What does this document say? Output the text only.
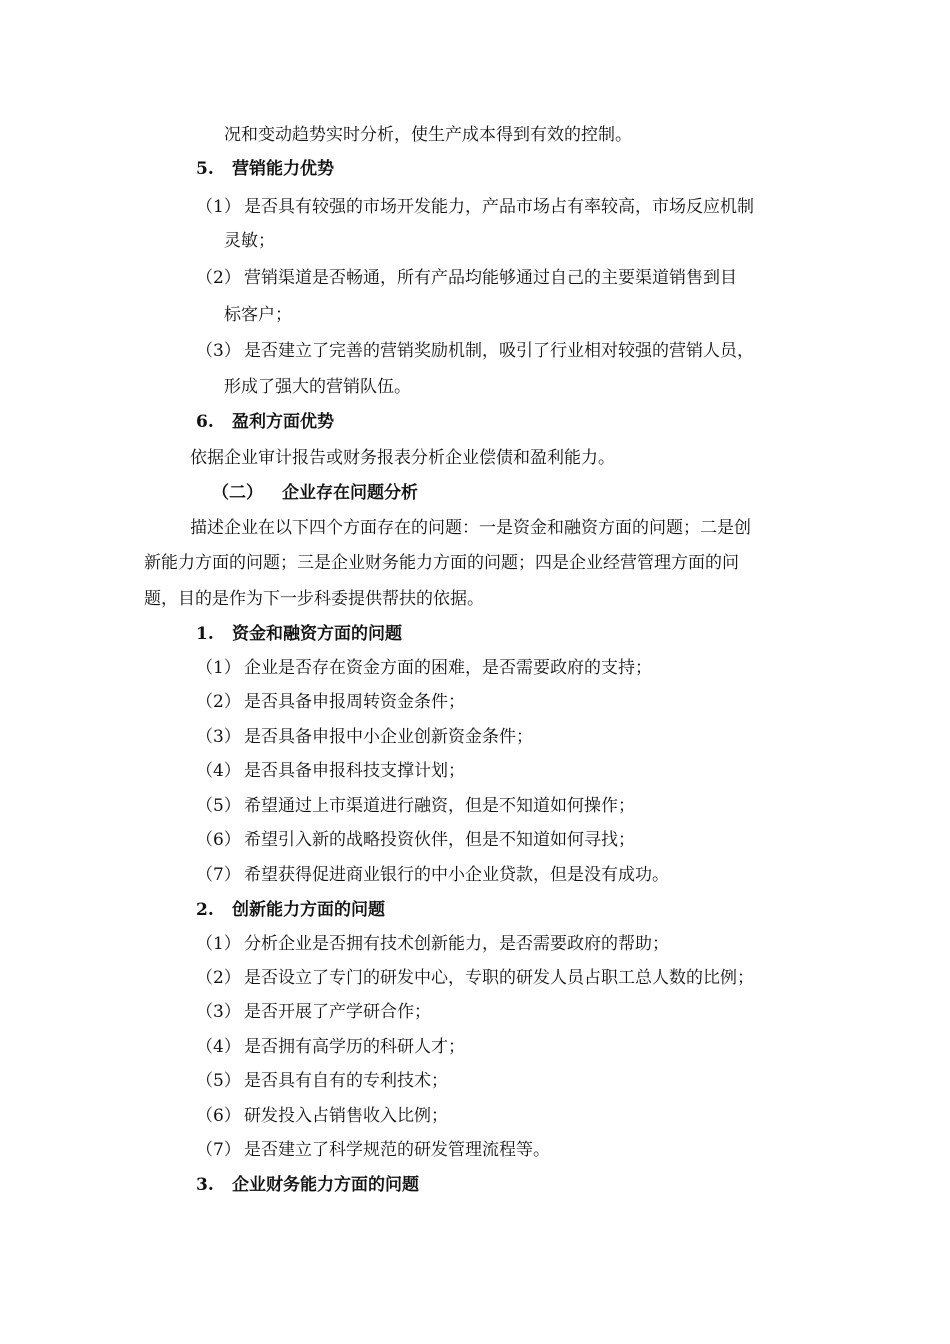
况和变动趋势实时分析，使生产成本得到有效的控制。
5. 营销能力优势
（1） 是否具有较强的市场开发能力，产品市场占有率较高，市场反应机制
灵敏；
（2） 营销渠道是否畅通，所有产品均能够通过自己的主要渠道销售到目
标客户；
（3） 是否建立了完善的营销奖励机制，吸引了行业相对较强的营销人员，
形成了强大的营销队伍。
6. 盈利方面优势
依据企业审计报告或财务报表分析企业偿债和盈利能力。
（二） 企业存在问题分析
描述企业在以下四个方面存在的问题：一是资金和融资方面的问题；二是创
新能力方面的问题；三是企业财务能力方面的问题；四是企业经营管理方面的问
题，目的是作为下一步科委提供帮扶的依据。
1. 资金和融资方面的问题
（1） 企业是否存在资金方面的困难，是否需要政府的支持；
（2） 是否具备申报周转资金条件；
（3） 是否具备申报中小企业创新资金条件；
（4） 是否具备申报科技支撑计划；
（5） 希望通过上市渠道进行融资，但是不知道如何操作；
（6） 希望引入新的战略投资伙伴，但是不知道如何寻找；
（7） 希望获得促进商业银行的中小企业贷款，但是没有成功。
2. 创新能力方面的问题
（1） 分析企业是否拥有技术创新能力，是否需要政府的帮助；
（2） 是否设立了专门的研发中心，专职的研发人员占职工总人数的比例；
（3） 是否开展了产学研合作；
（4） 是否拥有高学历的科研人才；
（5） 是否具有自有的专利技术；
（6） 研发投入占销售收入比例；
（7） 是否建立了科学规范的研发管理流程等。
3. 企业财务能力方面的问题
